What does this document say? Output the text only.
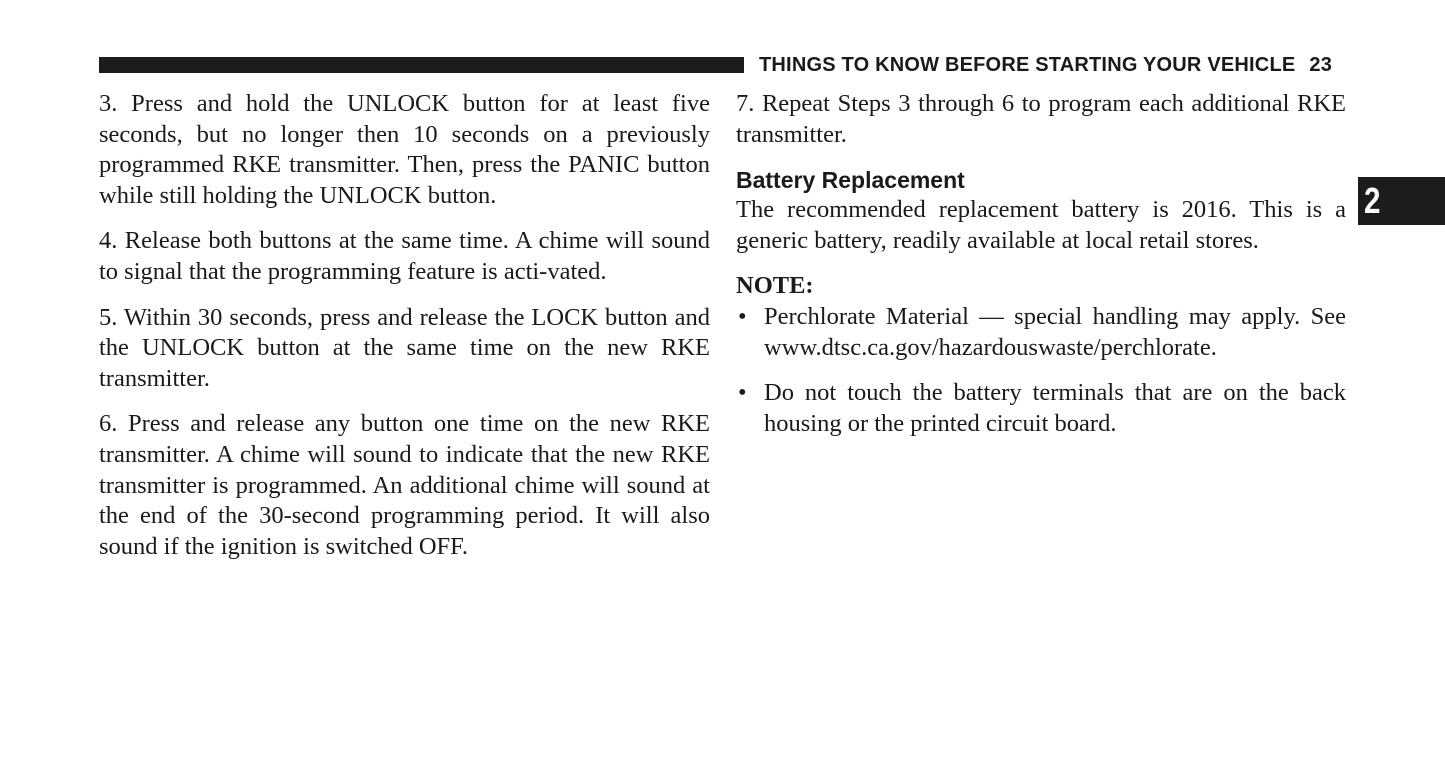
THINGS TO KNOW BEFORE STARTING YOUR VEHICLE 23

3. Press and hold the UNLOCK button for at least five seconds, but no longer then 10 seconds on a previously programmed RKE transmitter. Then, press the PANIC button while still holding the UNLOCK button.

4. Release both buttons at the same time. A chime will sound to signal that the programming feature is acti-vated.

5. Within 30 seconds, press and release the LOCK button and the UNLOCK button at the same time on the new RKE transmitter.

6. Press and release any button one time on the new RKE transmitter. A chime will sound to indicate that the new RKE transmitter is programmed. An additional chime will sound at the end of the 30-second programming period. It will also sound if the ignition is switched OFF.

7. Repeat Steps 3 through 6 to program each additional RKE transmitter.

Battery Replacement

The recommended replacement battery is 2016. This is a generic battery, readily available at local retail stores.

NOTE:

• Perchlorate Material — special handling may apply. See www.dtsc.ca.gov/hazardouswaste/perchlorate.
• Do not touch the battery terminals that are on the back housing or the printed circuit board.
2
